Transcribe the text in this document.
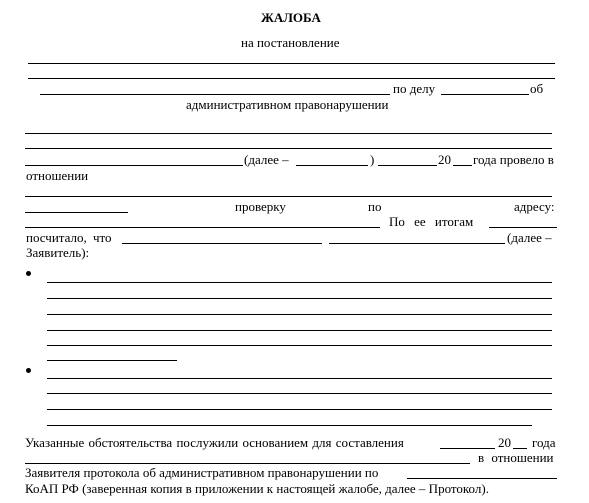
ЖАЛОБА
на постановление
по делу	об
административном правонарушении
(далее –	)	20 года провело в
отношении
проверку	по	адресу:
По ее итогам
посчитало, что	(далее –
Заявитель):
Указанные обстоятельства послужили основанием для составления	20 года
в отношении
Заявителя протокола об административном правонарушении по
КоАП РФ (заверенная копия в приложении к настоящей жалобе, далее – Протокол).
